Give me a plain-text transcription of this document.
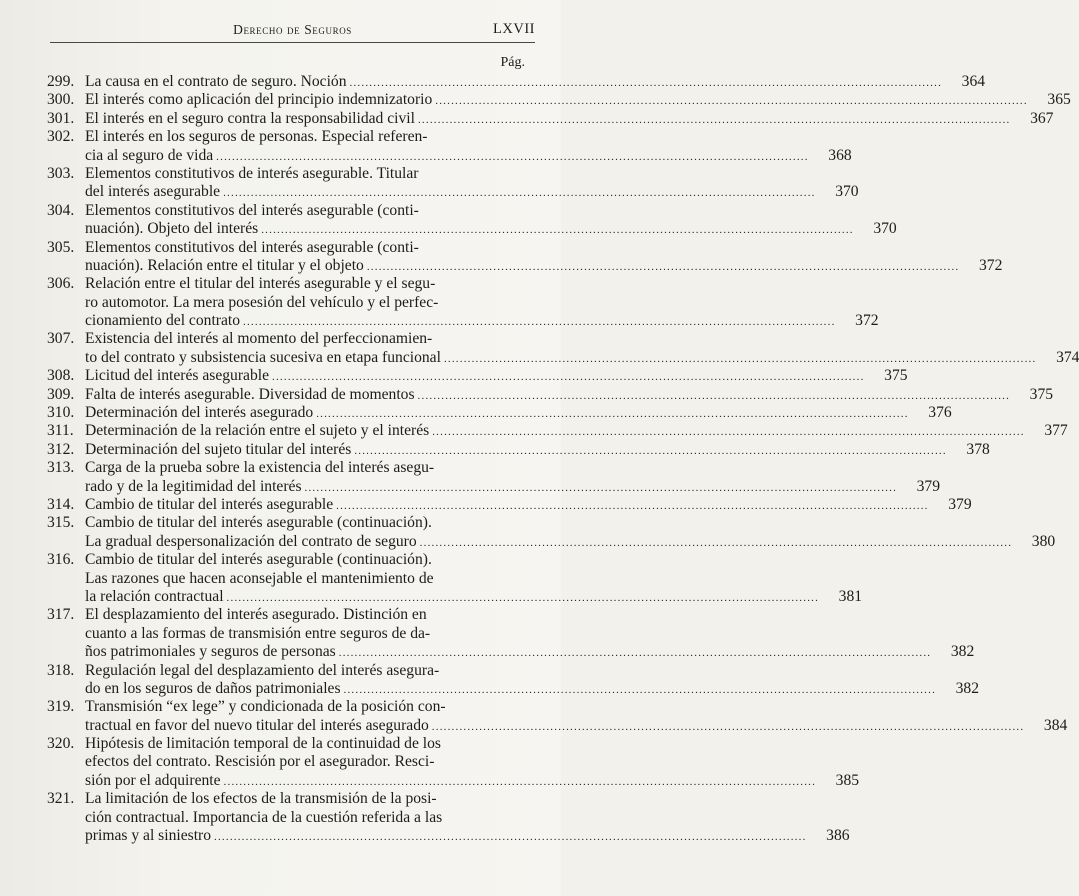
Derecho de Seguros	LXVII
Pág.
299. La causa en el contrato de seguro. Noción .....	364
300. El interés como aplicación del principio indemnizatorio .....	365
301. El interés en el seguro contra la responsabilidad civil .....	367
302. El interés en los seguros de personas. Especial referen-
cia al seguro de vida .....	368
303. Elementos constitutivos de interés asegurable. Titular
del interés asegurable .....	370
304. Elementos constitutivos del interés asegurable (conti-
nuación). Objeto del interés .....	370
305. Elementos constitutivos del interés asegurable (conti-
nuación). Relación entre el titular y el objeto .....	372
306. Relación entre el titular del interés asegurable y el segu-
ro automotor. La mera posesión del vehículo y el perfec-
cionamiento del contrato .....	372
307. Existencia del interés al momento del perfeccionamien-
to del contrato y subsistencia sucesiva en etapa funcional .....	374
308. Licitud del interés asegurable .....	375
309. Falta de interés asegurable. Diversidad de momentos .....	375
310. Determinación del interés asegurado .....	376
311. Determinación de la relación entre el sujeto y el interés .....	377
312. Determinación del sujeto titular del interés .....	378
313. Carga de la prueba sobre la existencia del interés asegu-
rado y de la legitimidad del interés .....	379
314. Cambio de titular del interés asegurable .....	379
315. Cambio de titular del interés asegurable (continuación).
La gradual despersonalización del contrato de seguro .....	380
316. Cambio de titular del interés asegurable (continuación).
Las razones que hacen aconsejable el mantenimiento de
la relación contractual .....	381
317. El desplazamiento del interés asegurado. Distinción en
cuanto a las formas de transmisión entre seguros de da-
ños patrimoniales y seguros de personas .....	382
318. Regulación legal del desplazamiento del interés asegura-
do en los seguros de daños patrimoniales .....	382
319. Transmisión “ex lege” y condicionada de la posición con-
tractual en favor del nuevo titular del interés asegurado .....	384
320. Hipótesis de limitación temporal de la continuidad de los
efectos del contrato. Rescisión por el asegurador. Resci-
sión por el adquirente .....	385
321. La limitación de los efectos de la transmisión de la posi-
ción contractual. Importancia de la cuestión referida a las
primas y al siniestro .....	386
